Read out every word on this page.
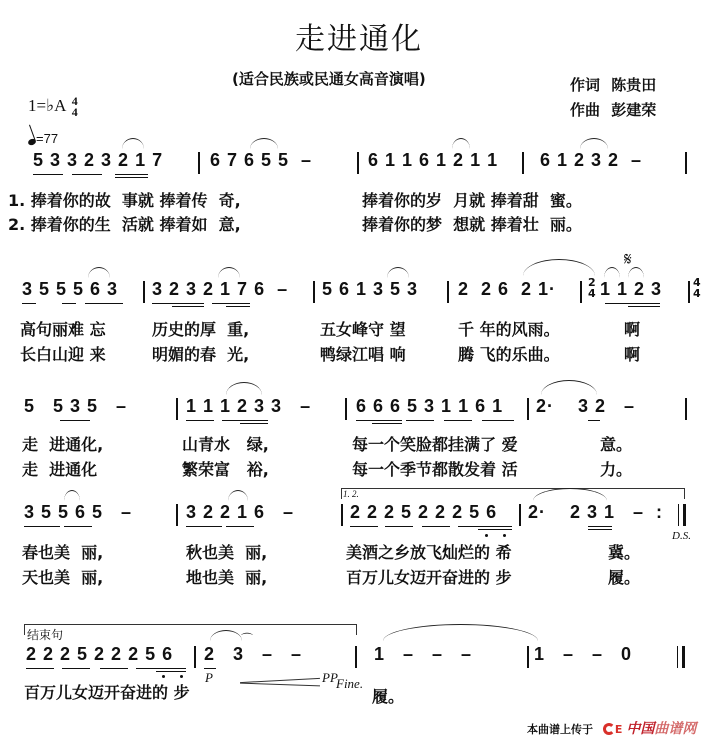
走进通化
(适合民族或民通女高音演唱)	作词 陈贵田
作曲 彭建荣
1=♭A 4
4
=77
5 3 3 2 3 2 1 7	6 7 6 5 5  –	6 1 1 6 1 2 1 1 6 1 2 3 2  –
1. 捧着你的故  事就 捧着传  奇,	捧着你的岁  月就 捧着甜  蜜。
2. 捧着你的生  活就 捧着如  意,	捧着你的梦  想就 捧着壮  丽。
3 5 5 5 6 3 3 2 3 2 1 7 6  – 5 6 1 3 5 3 2  2 6  2 1·	2
4 1 1 2 3
𝄋
4
4
高句丽难 忘	历史的厚  重,	五女峰守 望	千 年的风雨。	啊
长白山迎 来	明媚的春  光,	鸭绿江唱 响	腾 飞的乐曲。	啊
5   5 3 5   –	1 1 1 2 3 3   – 6 6 6 5 3 1 1 6 1 2·    3 2   –
走  进通化,	山青水   绿,	每一个笑脸都挂满了 爱	意。
走  进通化	繁荣富   裕,	每一个季节都散发着 活	力。
1. 2.
3 5 5 6 5   –	3 2 2 1 6   –	2 2 2 5 2 2 2 5 6 2·    2 3 1   –  :
D.S.
春也美  丽,	秋也美  丽,	美酒之乡放飞灿烂的 希	冀。
天也美  丽,	地也美  丽,	百万儿女迈开奋进的 步	履。
结束句
2 2 2 5 2 2 2 5 6 2   3   –   –
⌒
1   –   –   –	1   –   –   0
P	PP
Fine.
百万儿女迈开奋进的 步	履。
本曲谱上传于 E 中国曲谱网
